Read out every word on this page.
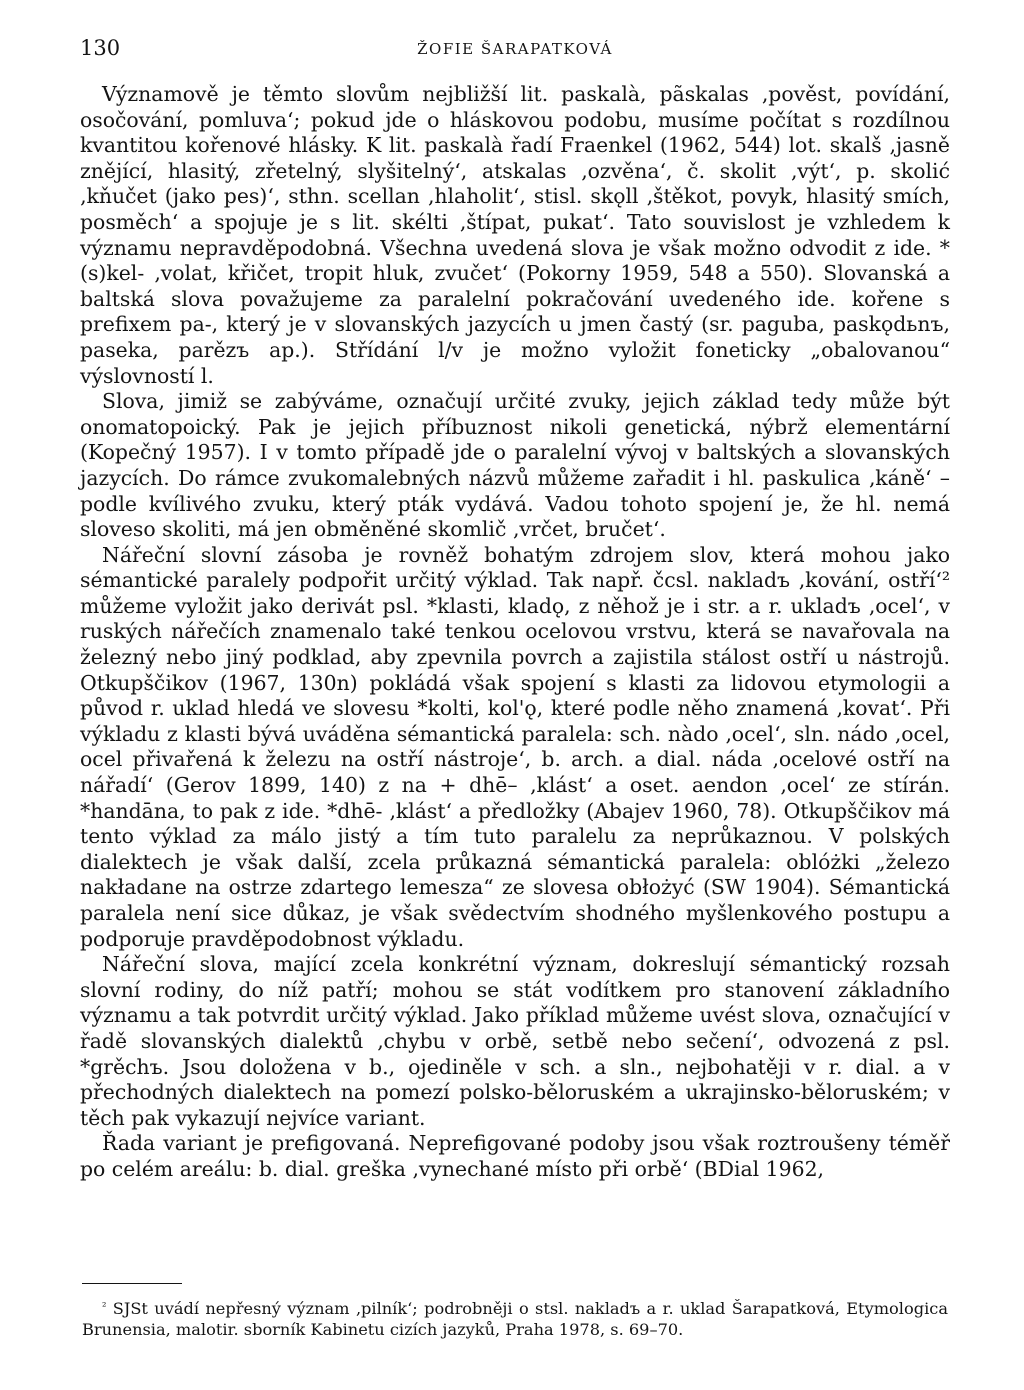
130	ŽOFIE ŠARAPATKOVÁ

Významově je těmto slovům nejbližší lit. paskalà, pãskalas ‚pověst, povídání, osočování, pomluva‘; pokud jde o hláskovou podobu, musíme počítat s rozdílnou kvantitou kořenové hlásky. K lit. paskalà řadí Fraenkel (1962, 544) lot. skalš ‚jasně znějící, hlasitý, zřetelný, slyšitelný‘, atskalas ‚ozvěna‘, č. skolit ‚výt‘, p. skolić ‚kňučet (jako pes)‘, sthn. scellan ‚hlaholit‘, stisl. skǫll ‚štěkot, povyk, hlasitý smích, posměch‘ a spojuje je s lit. skélti ‚štípat, pukat‘. Tato souvislost je vzhledem k významu nepravděpodobná. Všechna uvedená slova je však možno odvodit z ide. *(s)kel- ‚volat, křičet, tropit hluk, zvučet‘ (Pokorny 1959, 548 a 550). Slovanská a baltská slova považujeme za paralelní pokračování uvedeného ide. kořene s prefixem pa-, který je v slovanských jazycích u jmen častý (sr. paguba, paskǫdьnъ, paseka, parězъ ap.). Střídání l/v je možno vyložit foneticky „obalovanou“ výslovností l.

Slova, jimiž se zabýváme, označují určité zvuky, jejich základ tedy může být onomatopoický. Pak je jejich příbuznost nikoli genetická, nýbrž elementární (Kopečný 1957). I v tomto případě jde o paralelní vývoj v baltských a slovanských jazycích. Do rámce zvukomalebných názvů můžeme zařadit i hl. paskulica ‚káně‘ – podle kvílivého zvuku, který pták vydává. Vadou tohoto spojení je, že hl. nemá sloveso skoliti, má jen obměněné skomlič ‚vrčet, bručet‘.

Nářeční slovní zásoba je rovněž bohatým zdrojem slov, která mohou jako sémantické paralely podpořit určitý výklad. Tak např. čcsl. nakladъ ‚kování, ostří‘² můžeme vyložit jako derivát psl. *klasti, kladǫ, z něhož je i str. a r. ukladъ ‚ocel‘, v ruských nářečích znamenalo také tenkou ocelovou vrstvu, která se navařovala na železný nebo jiný podklad, aby zpevnila povrch a zajistila stálost ostří u nástrojů. Otkupščikov (1967, 130n) pokládá však spojení s klasti za lidovou etymologii a původ r. uklad hledá ve slovesu *kolti, kol'ǫ, které podle něho znamená ‚kovat‘. Při výkladu z klasti bývá uváděna sémantická paralela: sch. nàdo ‚ocel‘, sln. nádo ‚ocel, ocel přivařená k železu na ostří nástroje‘, b. arch. a dial. náda ‚ocelové ostří na nářadí‘ (Gerov 1899, 140) z na + dhē– ‚klást‘ a oset. aendon ‚ocel‘ ze stírán. *handāna, to pak z ide. *dhē- ‚klást‘ a předložky (Abajev 1960, 78). Otkupščikov má tento výklad za málo jistý a tím tuto paralelu za neprůkaznou. V polských dialektech je však další, zcela průkazná sémantická paralela: oblóżki „železo nakładane na ostrze zdartego lemesza“ ze slovesa obłożyć (SW 1904). Sémantická paralela není sice důkaz, je však svědectvím shodného myšlenkového postupu a podporuje pravděpodobnost výkladu.

Nářeční slova, mající zcela konkrétní význam, dokreslují sémantický rozsah slovní rodiny, do níž patří; mohou se stát vodítkem pro stanovení základního významu a tak potvrdit určitý výklad. Jako příklad můžeme uvést slova, označující v řadě slovanských dialektů ‚chybu v orbě, setbě nebo sečení‘, odvozená z psl. *grěchъ. Jsou doložena v b., ojediněle v sch. a sln., nejbohatěji v r. dial. a v přechodných dialektech na pomezí polsko-běloruském a ukrajinsko-běloruském; v těch pak vykazují nejvíce variant.

Řada variant je prefigovaná. Neprefigované podoby jsou však roztroušeny téměř po celém areálu: b. dial. greška ‚vynechané místo při orbě‘ (BDial 1962,

$^{^2}$ SJSt uvádí nepřesný význam ‚pilník‘; podrobněji o stsl. nakladъ a r. uklad Šarapatková, Etymologica Brunensia, malotir. sborník Kabinetu cizích jazyků, Praha 1978, s. 69–70.
